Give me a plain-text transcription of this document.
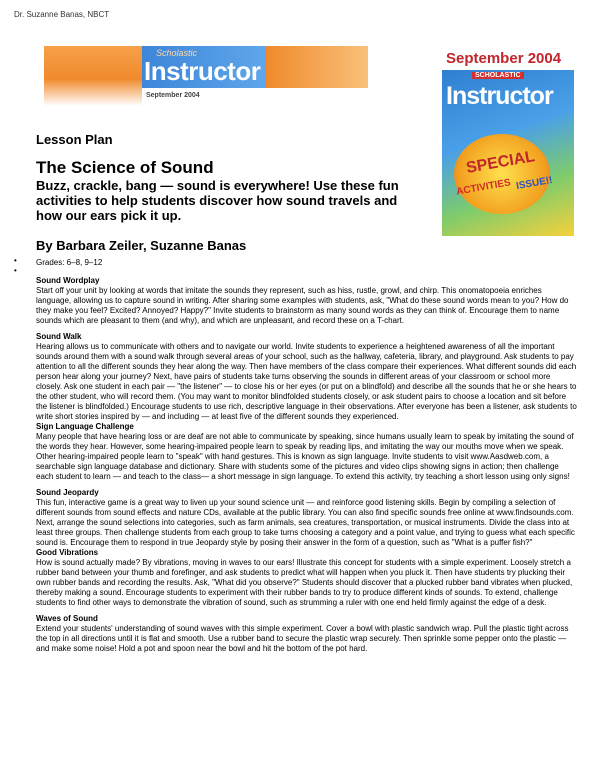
Dr. Suzanne Banas, NBCT
Scholastic
Instructor
September 2004
September 2004
SCHOLASTIC
Instructor
SPECIAL
ACTIVITIES ISSUE!!
Lesson Plan
The Science of Sound
Buzz, crackle, bang — sound is everywhere! Use these fun activities to help students discover how sound travels and how our ears pick it up.
By Barbara Zeiler, Suzanne Banas
•
•
Grades: 6–8, 9–12
Sound Wordplay

Start off your unit by looking at words that imitate the sounds they represent, such as hiss, rustle, growl, and chirp. This onomatopoeia enriches language, allowing us to capture sound in writing. After sharing some examples with students, ask, "What do these sound words mean to you? How do they make you feel? Excited? Annoyed? Happy?" Invite students to brainstorm as many sound words as they can think of. Encourage them to name sounds which are pleasant to them (and why), and which are unpleasant, and record these on a T-chart.

Sound Walk

Hearing allows us to communicate with others and to navigate our world. Invite students to experience a heightened awareness of all the important sounds around them with a sound walk through several areas of your school, such as the hallway, cafeteria, library, and playground. Ask students to pay attention to all the different sounds they hear along the way. Then have members of the class compare their experiences. What different sounds did each person hear along your journey? Next, have pairs of students take turns observing the sounds in different areas of your classroom or school more closely. Ask one student in each pair — "the listener" — to close his or her eyes (or put on a blindfold) and describe all the sounds that he or she hears to the other student, who will record them. (You may want to monitor blindfolded students closely, or ask student pairs to choose a location and sit before the listener is blindfolded.) Encourage students to use rich, descriptive language in their observations. After everyone has been a listener, ask students to write short stories inspired by — and including — at least five of the different sounds they experienced.

Sign Language Challenge

Many people that have hearing loss or are deaf are not able to communicate by speaking, since humans usually learn to speak by imitating the sound of the words they hear. However, some hearing-impaired people learn to speak by reading lips, and imitating the way our mouths move when we speak. Other hearing-impaired people learn to "speak" with hand gestures. This is known as sign language. Invite students to visit www.Aasdweb.com, a searchable sign language database and dictionary. Share with students some of the pictures and video clips showing signs in action; then challenge each student to learn — and teach to the class— a short message in sign language. To extend this activity, try teaching a short lesson using only signs!

Sound Jeopardy

This fun, interactive game is a great way to liven up your sound science unit — and reinforce good listening skills. Begin by compiling a selection of different sounds from sound effects and nature CDs, available at the public library. You can also find specific sounds free online at www.findsounds.com. Next, arrange the sound selections into categories, such as farm animals, sea creatures, transportation, or musical instruments. Divide the class into at least three groups. Then challenge students from each group to take turns choosing a category and a point value, and trying to guess what each specific sound is. Encourage them to respond in true Jeopardy style by posing their answer in the form of a question, such as "What is a puffer fish?"

Good Vibrations

How is sound actually made? By vibrations, moving in waves to our ears! Illustrate this concept for students with a simple experiment. Loosely stretch a rubber band between your thumb and forefinger, and ask students to predict what will happen when you pluck it. Then have students try plucking their own rubber bands and recording the results. Ask, "What did you observe?" Students should discover that a plucked rubber band vibrates when plucked, thereby making a sound. Encourage students to experiment with their rubber bands to try to produce different kinds of sounds. To extend, challenge students to find other ways to demonstrate the vibration of sound, such as strumming a ruler with one end held firmly against the edge of a desk.

Waves of Sound

Extend your students' understanding of sound waves with this simple experiment. Cover a bowl with plastic sandwich wrap. Pull the plastic tight across the top in all directions until it is flat and smooth. Use a rubber band to secure the plastic wrap securely. Then sprinkle some pepper onto the plastic — and make some noise! Hold a pot and spoon near the bowl and hit the bottom of the pot hard.
